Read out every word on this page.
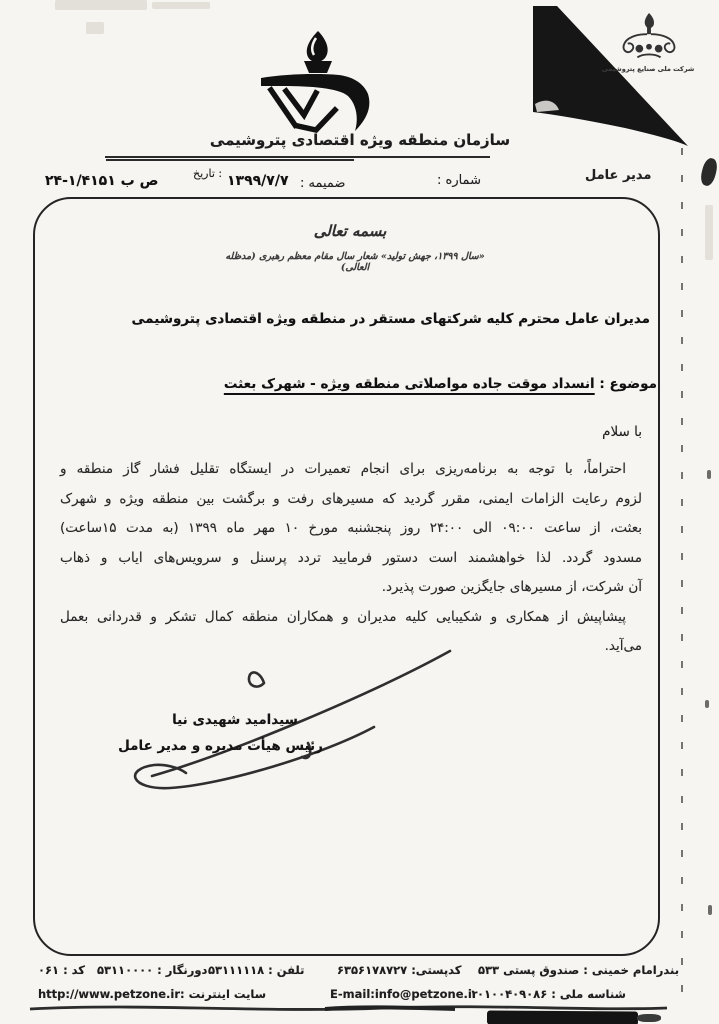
شرکت ملی صنایع پتروشیمی
سازمان منطقه ویژه اقتصادی پتروشیمی
مدیر عامل
شماره :
ضمیمه :
تاریخ : ۱۳۹۹/۷/۷
۲۴-۱/۴۱۵۱ ص ب
بسمه تعالی
«سال ۱۳۹۹، جهش تولید» شعار سال مقام معظم رهبری (مدظله العالی)
مدیران عامل محترم کلیه شرکتهای مستقر در منطقه ویژه اقتصادی پتروشیمی
موضوع : انسداد موقت جاده مواصلاتی منطقه ویژه - شهرک بعثت
با سلام
احتراماً، با توجه به برنامه‌ریزی برای انجام تعمیرات در ایستگاه تقلیل فشار گاز منطقه و
لزوم رعایت الزامات ایمنی، مقرر گردید که مسیرهای رفت و برگشت بین منطقه ویژه و شهرک
بعثت، از ساعت ۰۹:۰۰ الی ۲۴:۰۰ روز پنجشنبه مورخ ۱۰ مهر ماه ۱۳۹۹ (به مدت ۱۵ساعت)
مسدود گردد. لذا خواهشمند است دستور فرمایید تردد پرسنل و سرویس‌های ایاب و ذهاب
آن شرکت، از مسیرهای جایگزین صورت پذیرد.
پیشاپیش از همکاری و شکیبایی کلیه مدیران و همکاران منطقه کمال تشکر و قدردانی بعمل
می‌آید.
سیدامید شهیدی نیا
رئیس هیأت مدیره و مدیر عامل
کد : ۰۶۱ دورنگار : ۵۳۱۱۰۰۰۰ تلفن : ۵۳۱۱۱۱۱۸	کدپستی: ۶۳۵۶۱۷۸۷۲۷ بندرامام خمینی : صندوق پستی ۵۳۳
سایت اینترنت :http://www.petzone.ir	E-mail:info@petzone.ir
شناسه ملی : ۱۰۱۰۰۴۰۹۰۸۶
